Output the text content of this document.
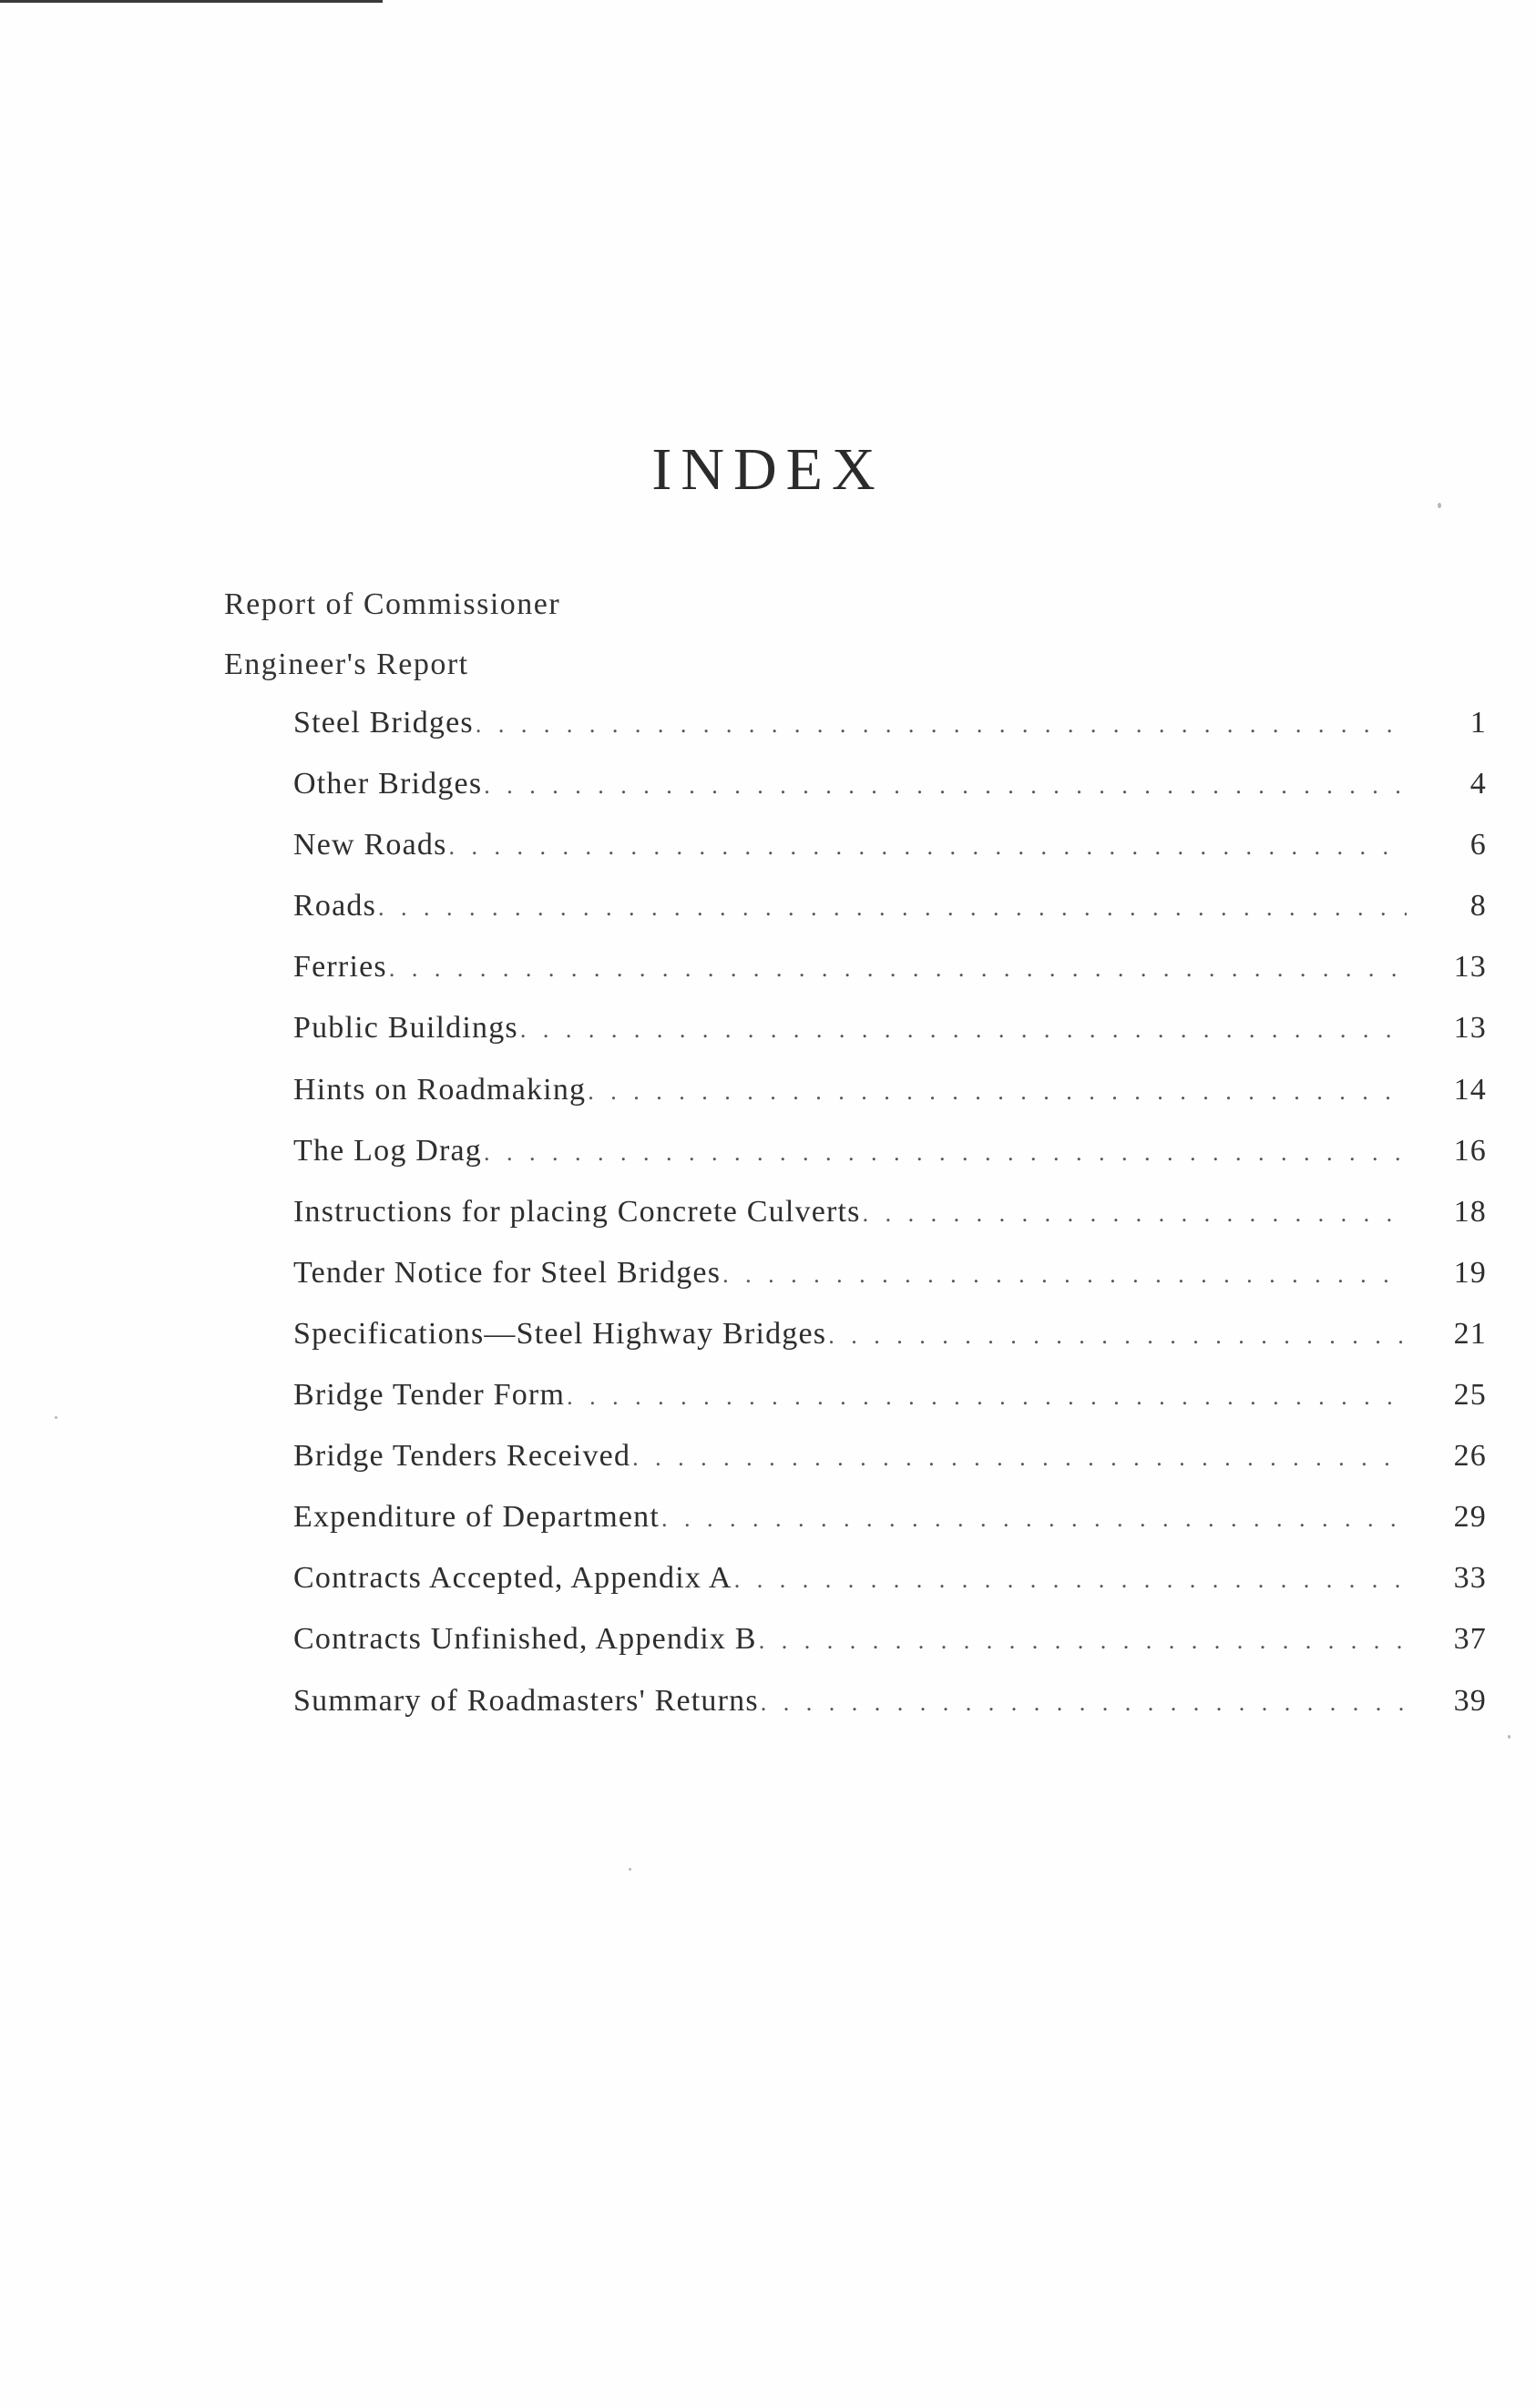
INDEX
Report of Commissioner
Engineer's Report
Steel Bridges . . .	1
Other Bridges . . .	4
New Roads . . .	6
Roads . . .	8
Ferries . . .	13
Public Buildings . . .	13
Hints on Roadmaking . . .	14
The Log Drag . . .	16
Instructions for placing Concrete Culverts . . .	18
Tender Notice for Steel Bridges . . .	19
Specifications—Steel Highway Bridges . . .	21
Bridge Tender Form . . .	25
Bridge Tenders Received . . .	26
Expenditure of Department . . .	29
Contracts Accepted, Appendix A . . .	33
Contracts Unfinished, Appendix B . . .	37
Summary of Roadmasters' Returns . . .	39
